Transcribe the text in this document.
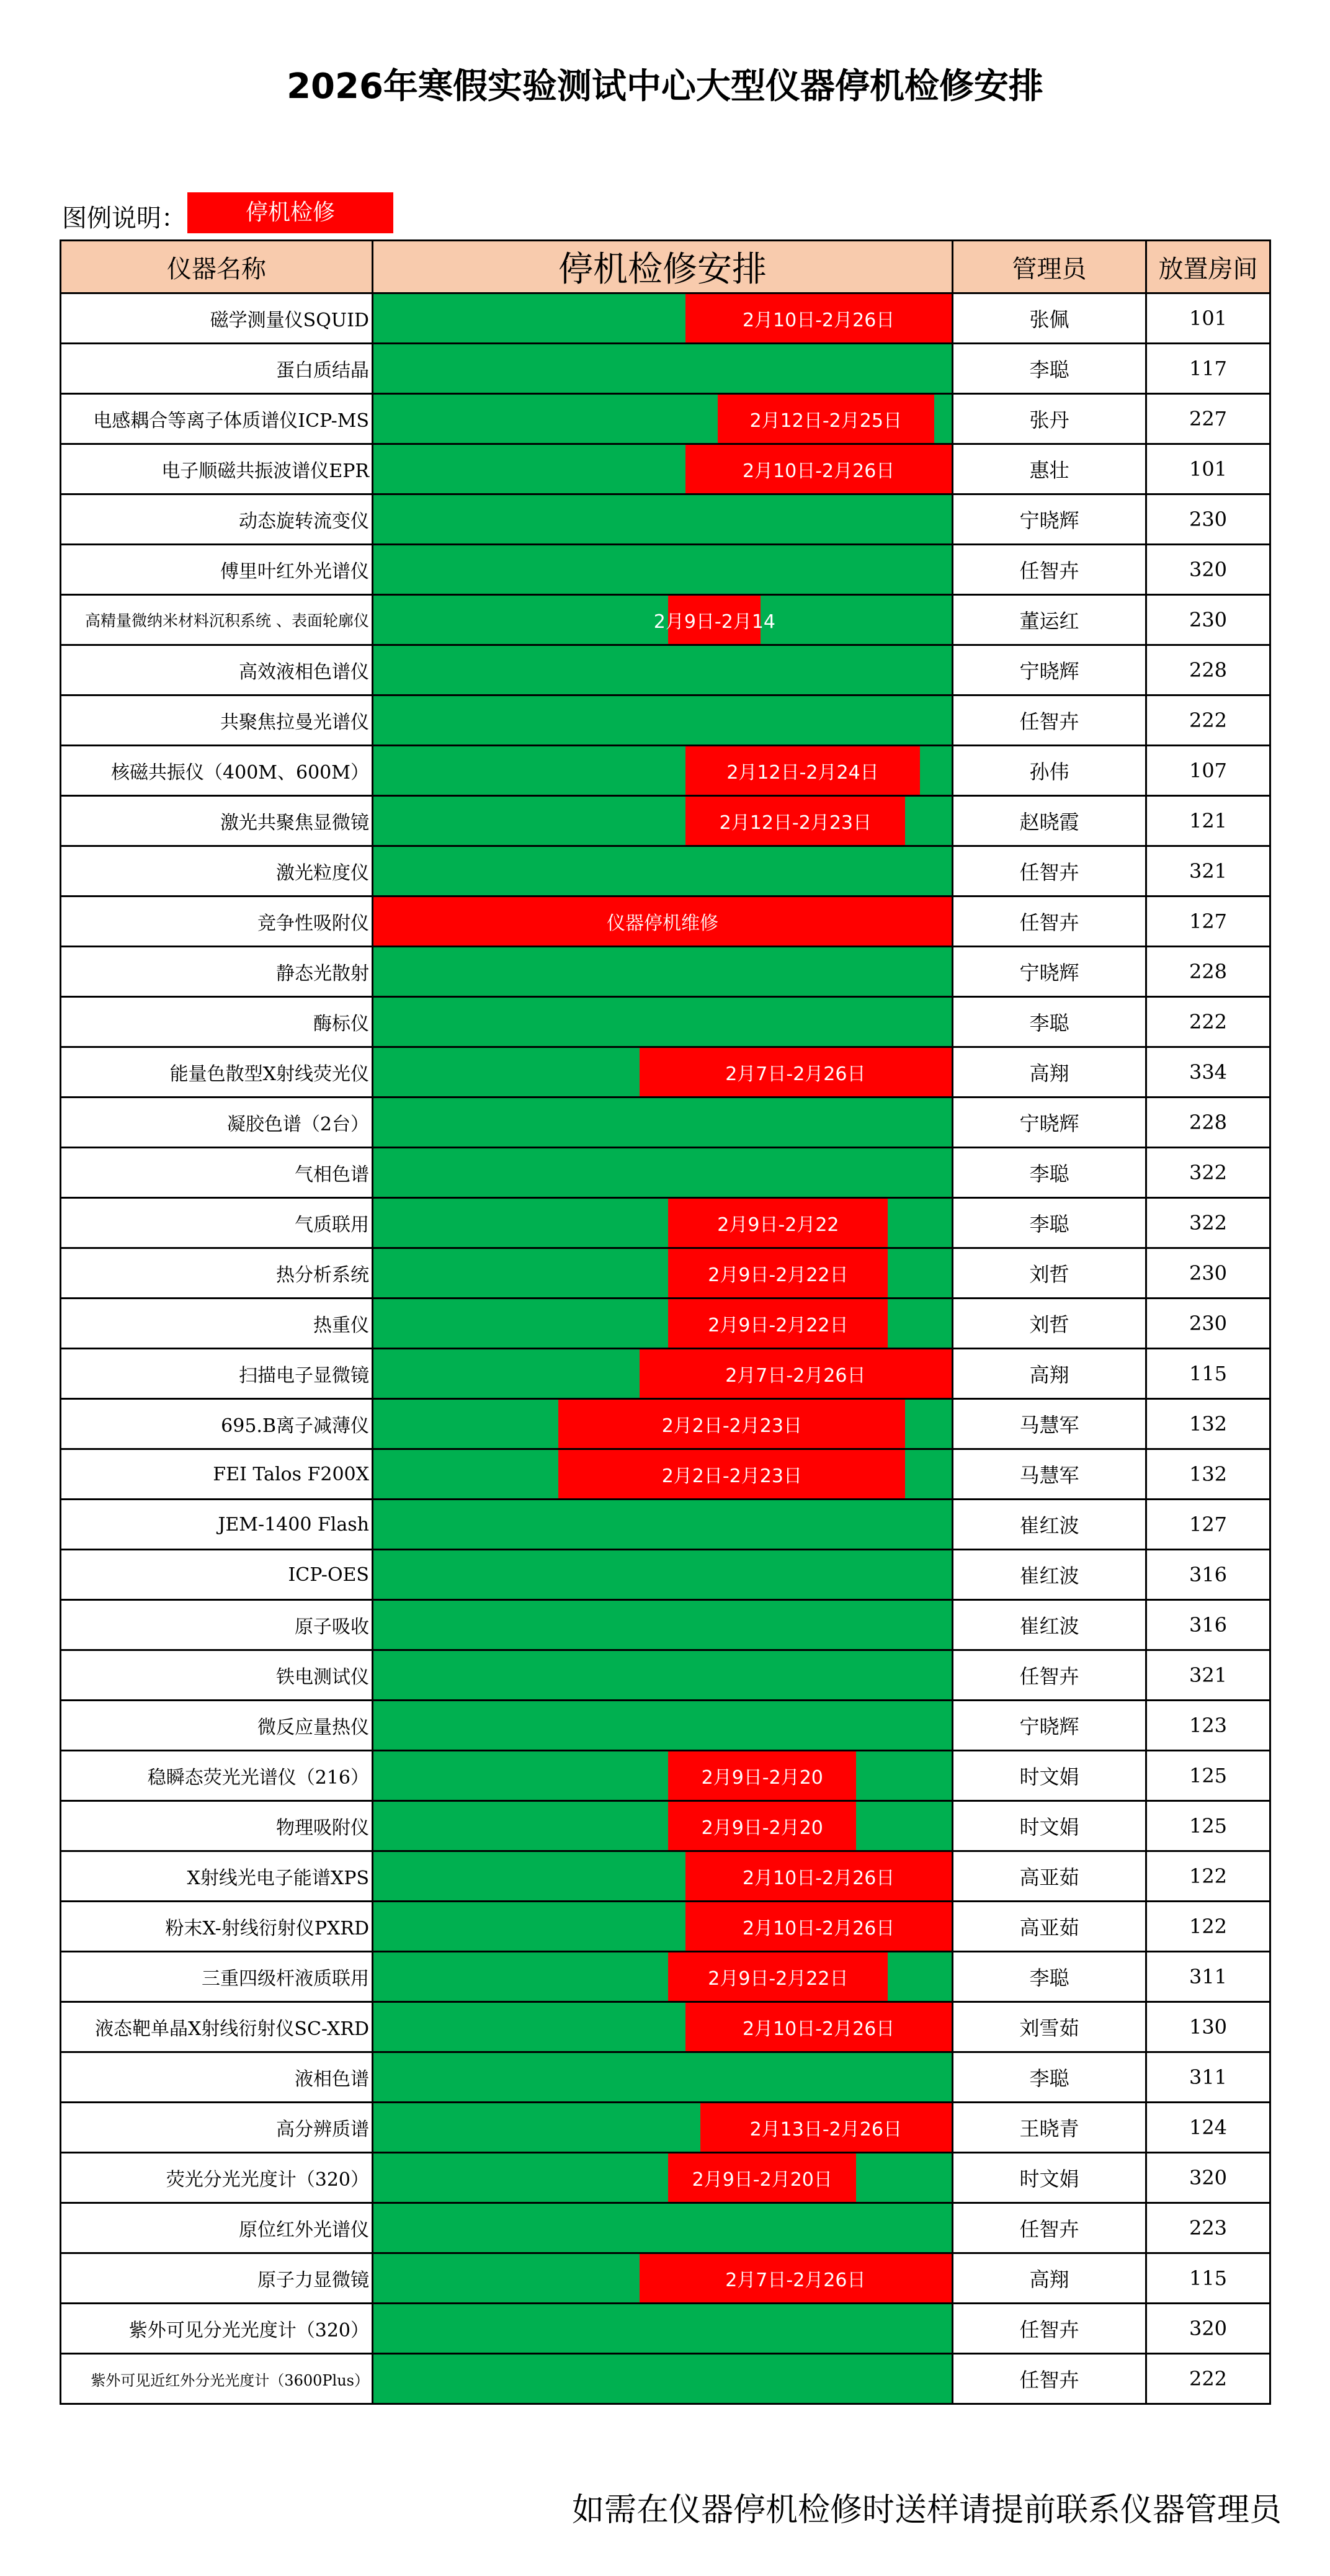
2026年寒假实验测试中心大型仪器停机检修安排
图例说明：	停机检修
仪器名称	停机检修安排	管理员	放置房间
磁学测量仪SQUID	2月10日-2月26日	张佩	101
蛋白质结晶		李聪	117
电感耦合等离子体质谱仪ICP-MS	2月12日-2月25日	张丹	227
电子顺磁共振波谱仪EPR	2月10日-2月26日	惠壮	101
动态旋转流变仪		宁晓辉	230
傅里叶红外光谱仪		任智卉	320
高精量微纳米材料沉积系统 、表面轮廓仪	2月9日-2月14	董运红	230
高效液相色谱仪		宁晓辉	228
共聚焦拉曼光谱仪		任智卉	222
核磁共振仪（400M、600M）	2月12日-2月24日	孙伟	107
激光共聚焦显微镜	2月12日-2月23日	赵晓霞	121
激光粒度仪		任智卉	321
竞争性吸附仪	仪器停机维修	任智卉	127
静态光散射		宁晓辉	228
酶标仪		李聪	222
能量色散型X射线荧光仪	2月7日-2月26日	高翔	334
凝胶色谱（2台）		宁晓辉	228
气相色谱		李聪	322
气质联用	2月9日-2月22	李聪	322
热分析系统	2月9日-2月22日	刘哲	230
热重仪	2月9日-2月22日	刘哲	230
扫描电子显微镜	2月7日-2月26日	高翔	115
695.B离子减薄仪	2月2日-2月23日	马慧军	132
FEI Talos F200X	2月2日-2月23日	马慧军	132
JEM-1400 Flash		崔红波	127
ICP-OES		崔红波	316
原子吸收		崔红波	316
铁电测试仪		任智卉	321
微反应量热仪		宁晓辉	123
稳瞬态荧光光谱仪（216）	2月9日-2月20	时文娟	125
物理吸附仪	2月9日-2月20	时文娟	125
X射线光电子能谱XPS	2月10日-2月26日	高亚茹	122
粉末X-射线衍射仪PXRD	2月10日-2月26日	高亚茹	122
三重四级杆液质联用	2月9日-2月22日	李聪	311
液态靶单晶X射线衍射仪SC-XRD	2月10日-2月26日	刘雪茹	130
液相色谱		李聪	311
高分辨质谱	2月13日-2月26日	王晓青	124
荧光分光光度计（320）	2月9日-2月20日	时文娟	320
原位红外光谱仪		任智卉	223
原子力显微镜	2月7日-2月26日	高翔	115
紫外可见分光光度计（320）		任智卉	320
紫外可见近红外分光光度计（3600Plus）		任智卉	222
如需在仪器停机检修时送样请提前联系仪器管理员
